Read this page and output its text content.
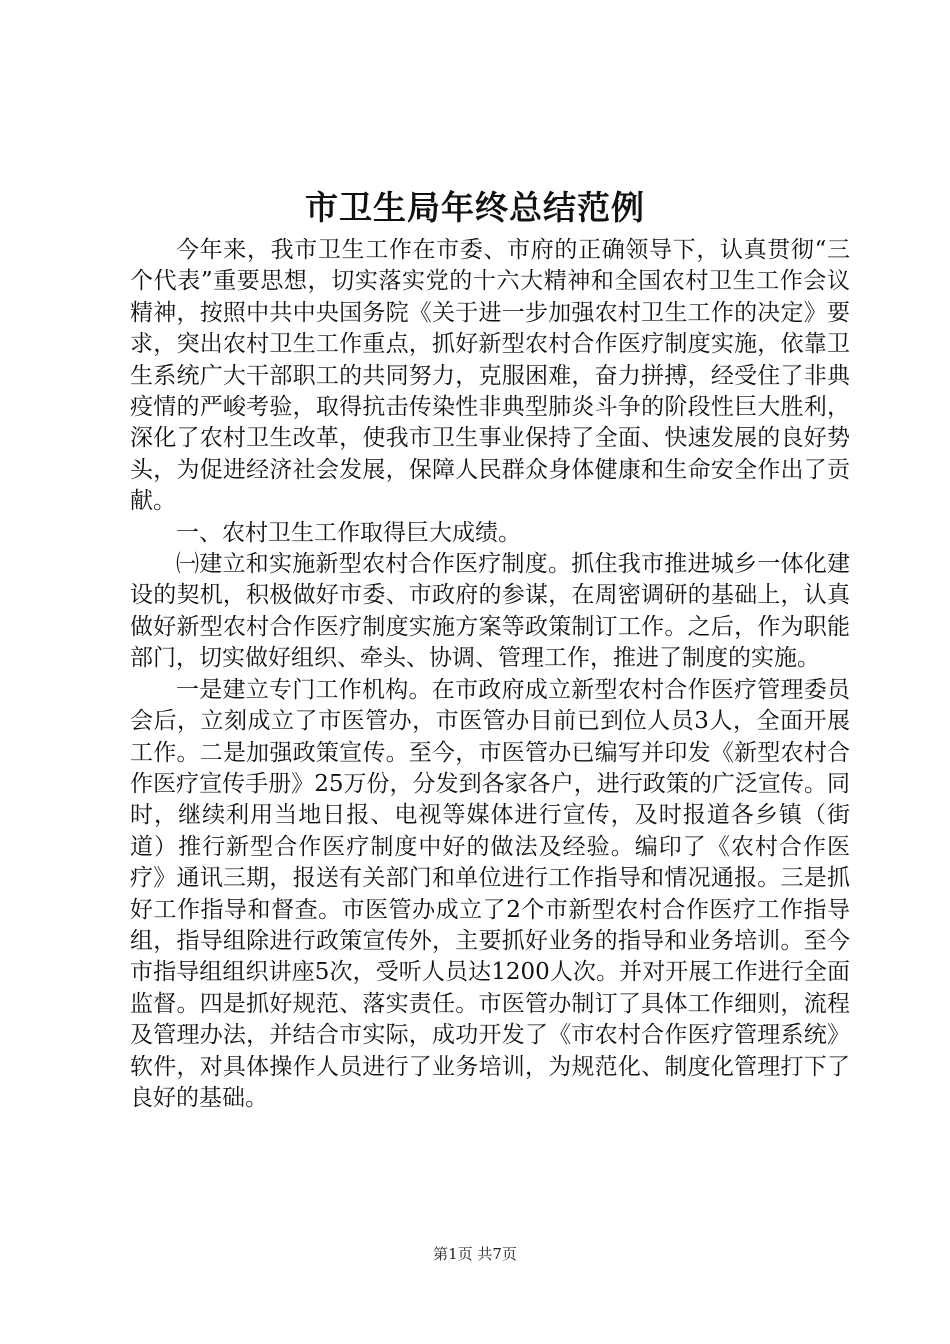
市卫生局年终总结范例

今年来，我市卫生工作在市委、市府的正确领导下，认真贯彻“三个代表”重要思想，切实落实党的十六大精神和全国农村卫生工作会议精神，按照中共中央国务院《关于进一步加强农村卫生工作的决定》要求，突出农村卫生工作重点，抓好新型农村合作医疗制度实施，依靠卫生系统广大干部职工的共同努力，克服困难，奋力拼搏，经受住了非典疫情的严峻考验，取得抗击传染性非典型肺炎斗争的阶段性巨大胜利，深化了农村卫生改革，使我市卫生事业保持了全面、快速发展的良好势头，为促进经济社会发展，保障人民群众身体健康和生命安全作出了贡献。

一、农村卫生工作取得巨大成绩。

㈠建立和实施新型农村合作医疗制度。抓住我市推进城乡一体化建设的契机，积极做好市委、市政府的参谋，在周密调研的基础上，认真做好新型农村合作医疗制度实施方案等政策制订工作。之后，作为职能部门，切实做好组织、牵头、协调、管理工作，推进了制度的实施。

一是建立专门工作机构。在市政府成立新型农村合作医疗管理委员会后，立刻成立了市医管办，市医管办目前已到位人员3人，全面开展工作。二是加强政策宣传。至今，市医管办已编写并印发《新型农村合作医疗宣传手册》25万份，分发到各家各户，进行政策的广泛宣传。同时，继续利用当地日报、电视等媒体进行宣传，及时报道各乡镇（街道）推行新型合作医疗制度中好的做法及经验。编印了《农村合作医疗》通讯三期，报送有关部门和单位进行工作指导和情况通报。三是抓好工作指导和督查。市医管办成立了2个市新型农村合作医疗工作指导组，指导组除进行政策宣传外，主要抓好业务的指导和业务培训。至今市指导组组织讲座5次，受听人员达1200人次。并对开展工作进行全面监督。四是抓好规范、落实责任。市医管办制订了具体工作细则，流程及管理办法，并结合市实际，成功开发了《市农村合作医疗管理系统》软件，对具体操作人员进行了业务培训，为规范化、制度化管理打下了良好的基础。

第1页 共7页
